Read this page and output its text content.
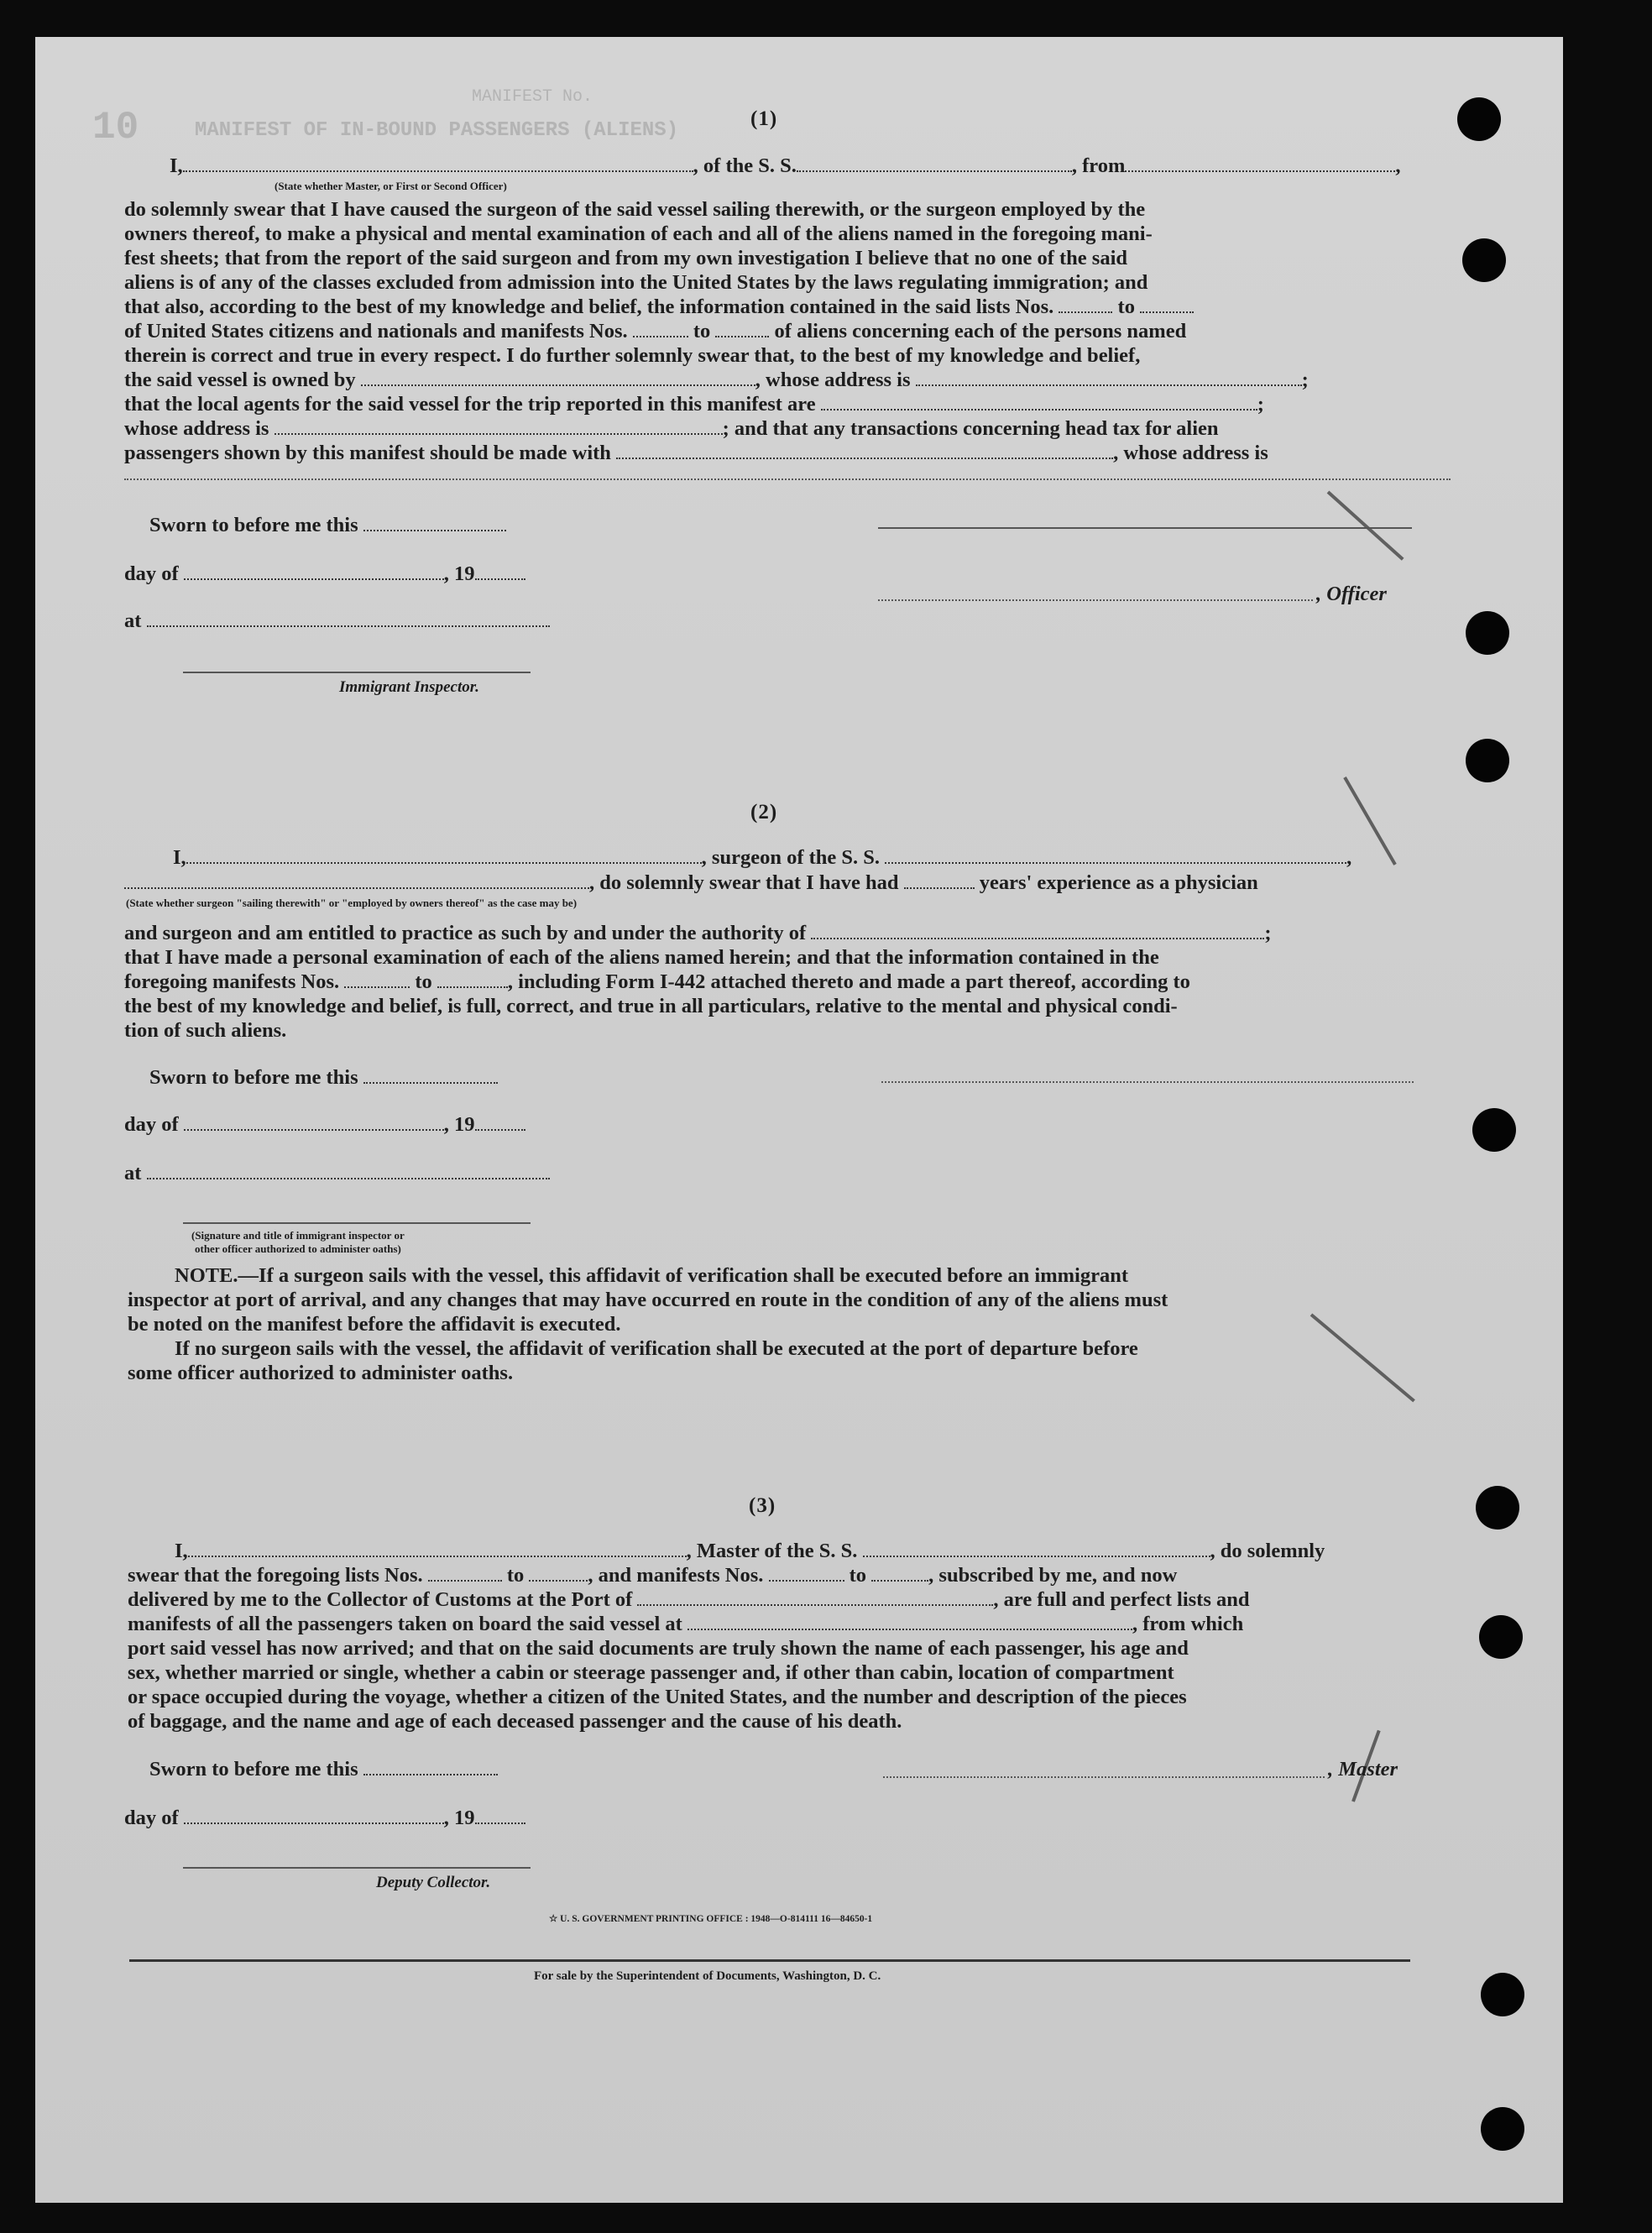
MANIFEST No.
10	MANIFEST OF IN-BOUND PASSENGERS (ALIENS)
(1)
I,	, of the S. S.	, from	,
(State whether Master, or First or Second Officer)
do solemnly swear that I have caused the surgeon of the said vessel sailing therewith, or the surgeon employed by the
owners thereof, to make a physical and mental examination of each and all of the aliens named in the foregoing mani-
fest sheets; that from the report of the said surgeon and from my own investigation I believe that no one of the said
aliens is of any of the classes excluded from admission into the United States by the laws regulating immigration; and
that also, according to the best of my knowledge and belief, the information contained in the said lists Nos.	to
of United States citizens and nationals and manifests Nos.	to	of aliens concerning each of the persons named
therein is correct and true in every respect. I do further solemnly swear that, to the best of my knowledge and belief,
the said vessel is owned by	, whose address is	;
that the local agents for the said vessel for the trip reported in this manifest are	;
whose address is	; and that any transactions concerning head tax for alien
passengers shown by this manifest should be made with	, whose address is
Sworn to before me this
day of	, 19
at
Immigrant Inspector.
, Officer
(2)
I,	, surgeon of the S. S.	,
, do solemnly swear that I have had	years' experience as a physician
(State whether surgeon "sailing therewith" or "employed by owners thereof" as the case may be)
and surgeon and am entitled to practice as such by and under the authority of	;
that I have made a personal examination of each of the aliens named herein; and that the information contained in the
foregoing manifests Nos.	to	, including Form I-442 attached thereto and made a part thereof, according to
the best of my knowledge and belief, is full, correct, and true in all particulars, relative to the mental and physical condi-
tion of such aliens.
Sworn to before me this
day of	, 19
at
(Signature and title of immigrant inspector or
other officer authorized to administer oaths)
NOTE.—If a surgeon sails with the vessel, this affidavit of verification shall be executed before an immigrant
inspector at port of arrival, and any changes that may have occurred en route in the condition of any of the aliens must
be noted on the manifest before the affidavit is executed.
If no surgeon sails with the vessel, the affidavit of verification shall be executed at the port of departure before
some officer authorized to administer oaths.
(3)
I,	, Master of the S. S.	, do solemnly
swear that the foregoing lists Nos.	to	, and manifests Nos.	to	, subscribed by me, and now
delivered by me to the Collector of Customs at the Port of	, are full and perfect lists and
manifests of all the passengers taken on board the said vessel at	, from which
port said vessel has now arrived; and that on the said documents are truly shown the name of each passenger, his age and
sex, whether married or single, whether a cabin or steerage passenger and, if other than cabin, location of compartment
or space occupied during the voyage, whether a citizen of the United States, and the number and description of the pieces
of baggage, and the name and age of each deceased passenger and the cause of his death.
Sworn to before me this	, Master
day of	, 19
Deputy Collector.
☆ U. S. GOVERNMENT PRINTING OFFICE : 1948—O-814111 16—84650-1
For sale by the Superintendent of Documents, Washington, D. C.
